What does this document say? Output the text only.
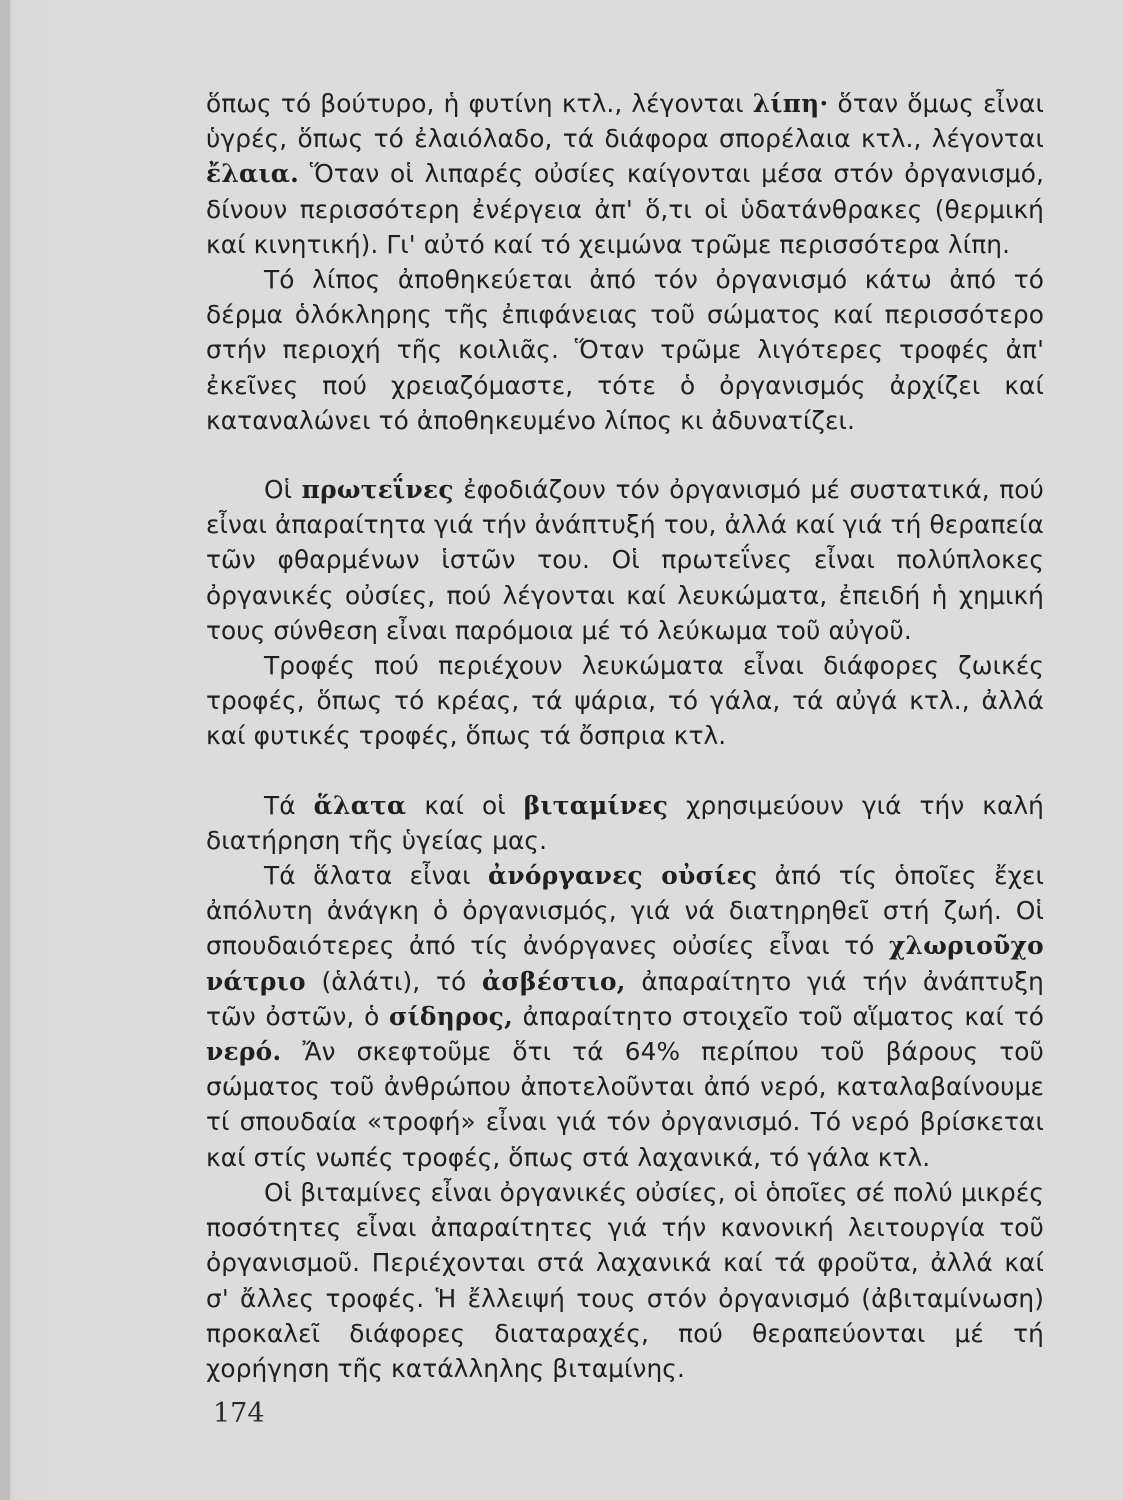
ὅπως τό βούτυρο, ἡ φυτίνη κτλ., λέγονται λίπη· ὅταν ὅμως εἶναι ὑγρές, ὅπως τό ἐλαιόλαδο, τά διάφορα σπορέλαια κτλ., λέγονται ἔλαια. Ὅταν οἱ λιπαρές οὐσίες καίγονται μέσα στόν ὀργανισμό, δίνουν περισσότερη ἐνέργεια ἀπ' ὅ,τι οἱ ὑδατάνθρακες (θερμική καί κινητική). Γι' αὐτό καί τό χειμώνα τρῶμε περισσότερα λίπη.

Τό λίπος ἀποθηκεύεται ἀπό τόν ὀργανισμό κάτω ἀπό τό δέρμα ὁλόκληρης τῆς ἐπιφάνειας τοῦ σώματος καί περισσότερο στήν περιοχή τῆς κοιλιᾶς. Ὅταν τρῶμε λιγότερες τροφές ἀπ' ἐκεῖνες πού χρειαζόμαστε, τότε ὁ ὀργανισμός ἀρχίζει καί καταναλώνει τό ἀποθηκευμένο λίπος κι ἀδυνατίζει.

Οἱ πρωτεΐνες ἐφοδιάζουν τόν ὀργανισμό μέ συστατικά, πού εἶναι ἀπαραίτητα γιά τήν ἀνάπτυξή του, ἀλλά καί γιά τή θεραπεία τῶν φθαρμένων ἱστῶν του. Οἱ πρωτεΐνες εἶναι πολύπλοκες ὀργανικές οὐσίες, πού λέγονται καί λευκώματα, ἐπειδή ἡ χημική τους σύνθεση εἶναι παρόμοια μέ τό λεύκωμα τοῦ αὐγοῦ.

Τροφές πού περιέχουν λευκώματα εἶναι διάφορες ζωικές τροφές, ὅπως τό κρέας, τά ψάρια, τό γάλα, τά αὐγά κτλ., ἀλλά καί φυτικές τροφές, ὅπως τά ὄσπρια κτλ.

Τά ἅλατα καί οἱ βιταμίνες χρησιμεύουν γιά τήν καλή διατήρηση τῆς ὑγείας μας.

Τά ἅλατα εἶναι ἀνόργανες οὐσίες ἀπό τίς ὁποῖες ἔχει ἀπόλυτη ἀνάγκη ὁ ὀργανισμός, γιά νά διατηρηθεῖ στή ζωή. Οἱ σπουδαιότερες ἀπό τίς ἀνόργανες οὐσίες εἶναι τό χλωριοῦχο νάτριο (ἁλάτι), τό ἀσβέστιο, ἀπαραίτητο γιά τήν ἀνάπτυξη τῶν ὀστῶν, ὁ σίδηρος, ἀπαραίτητο στοιχεῖο τοῦ αἵματος καί τό νερό. Ἄν σκεφτοῦμε ὅτι τά 64% περίπου τοῦ βάρους τοῦ σώματος τοῦ ἀνθρώπου ἀποτελοῦνται ἀπό νερό, καταλαβαίνουμε τί σπουδαία «τροφή» εἶναι γιά τόν ὀργανισμό. Τό νερό βρίσκεται καί στίς νωπές τροφές, ὅπως στά λαχανικά, τό γάλα κτλ.

Οἱ βιταμίνες εἶναι ὀργανικές οὐσίες, οἱ ὁποῖες σέ πολύ μικρές ποσότητες εἶναι ἀπαραίτητες γιά τήν κανονική λειτουργία τοῦ ὀργανισμοῦ. Περιέχονται στά λαχανικά καί τά φροῦτα, ἀλλά καί σ' ἄλλες τροφές. Ἡ ἔλλειψή τους στόν ὀργανισμό (ἀβιταμίνωση) προκαλεῖ διάφορες διαταραχές, πού θεραπεύονται μέ τή χορήγηση τῆς κατάλληλης βιταμίνης.

174
